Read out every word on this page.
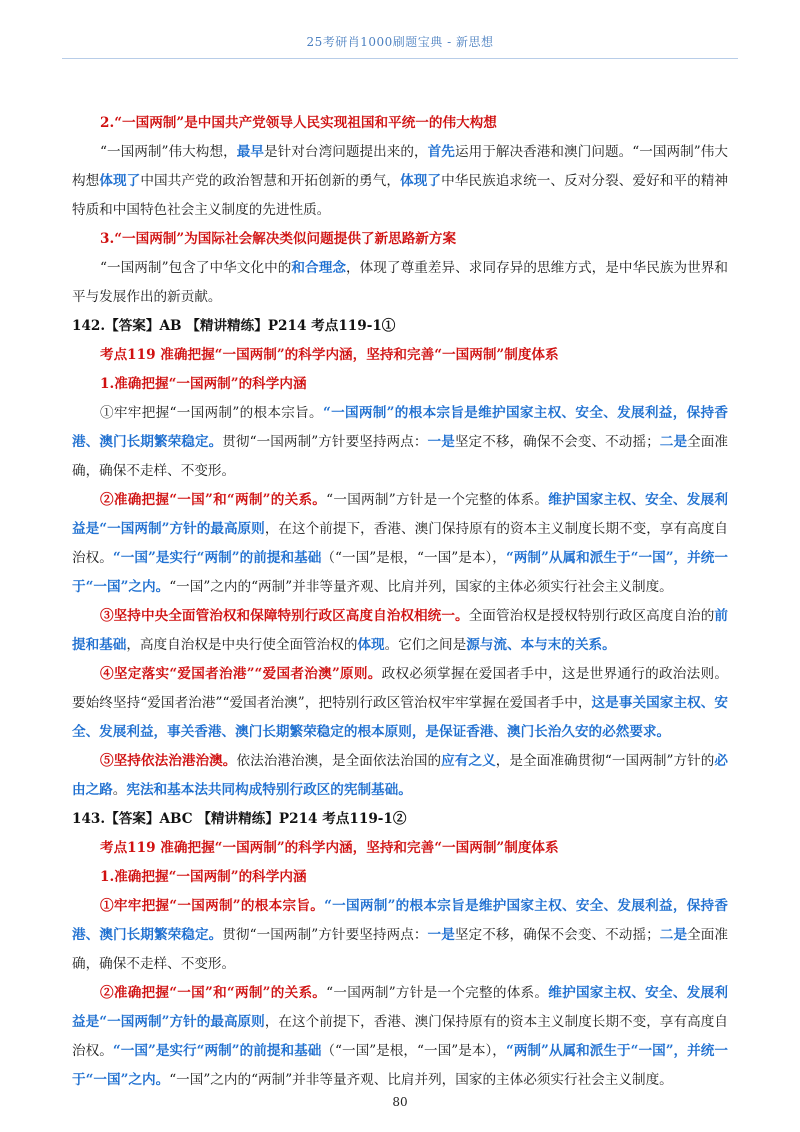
25考研肖1000刷题宝典 - 新思想

2.“一国两制”是中国共产党领导人民实现祖国和平统一的伟大构想

“一国两制”伟大构想，最早是针对台湾问题提出来的，首先运用于解决香港和澳门问题。“一国两制”伟大构想体现了中国共产党的政治智慧和开拓创新的勇气，体现了中华民族追求统一、反对分裂、爱好和平的精神特质和中国特色社会主义制度的先进性质。

3.“一国两制”为国际社会解决类似问题提供了新思路新方案

“一国两制”包含了中华文化中的和合理念，体现了尊重差异、求同存异的思维方式，是中华民族为世界和平与发展作出的新贡献。

142.【答案】AB 【精讲精练】P214 考点119-1①

考点119 准确把握“一国两制”的科学内涵，坚持和完善“一国两制”制度体系

1.准确把握“一国两制”的科学内涵

①牢牢把握“一国两制”的根本宗旨。“一国两制”的根本宗旨是维护国家主权、安全、发展利益，保持香港、澳门长期繁荣稳定。贯彻“一国两制”方针要坚持两点：一是坚定不移，确保不会变、不动摇；二是全面准确，确保不走样、不变形。

②准确把握“一国”和“两制”的关系。“一国两制”方针是一个完整的体系。维护国家主权、安全、发展利益是“一国两制”方针的最高原则，在这个前提下，香港、澳门保持原有的资本主义制度长期不变，享有高度自治权。“一国”是实行“两制”的前提和基础（“一国”是根，“一国”是本），“两制”从属和派生于“一国”，并统一于“一国”之内。“一国”之内的“两制”并非等量齐观、比肩并列，国家的主体必须实行社会主义制度。

③坚持中央全面管治权和保障特别行政区高度自治权相统一。全面管治权是授权特别行政区高度自治的前提和基础，高度自治权是中央行使全面管治权的体现。它们之间是源与流、本与末的关系。

④坚定落实“爱国者治港”“爱国者治澳”原则。政权必须掌握在爱国者手中，这是世界通行的政治法则。要始终坚持“爱国者治港”“爱国者治澳”，把特别行政区管治权牢牢掌握在爱国者手中，这是事关国家主权、安全、发展利益，事关香港、澳门长期繁荣稳定的根本原则，是保证香港、澳门长治久安的必然要求。

⑤坚持依法治港治澳。依法治港治澳，是全面依法治国的应有之义，是全面准确贯彻“一国两制”方针的必由之路。宪法和基本法共同构成特别行政区的宪制基础。

143.【答案】ABC 【精讲精练】P214 考点119-1②

考点119 准确把握“一国两制”的科学内涵，坚持和完善“一国两制”制度体系

1.准确把握“一国两制”的科学内涵

①牢牢把握“一国两制”的根本宗旨。“一国两制”的根本宗旨是维护国家主权、安全、发展利益，保持香港、澳门长期繁荣稳定。贯彻“一国两制”方针要坚持两点：一是坚定不移，确保不会变、不动摇；二是全面准确，确保不走样、不变形。

②准确把握“一国”和“两制”的关系。“一国两制”方针是一个完整的体系。维护国家主权、安全、发展利益是“一国两制”方针的最高原则，在这个前提下，香港、澳门保持原有的资本主义制度长期不变，享有高度自治权。“一国”是实行“两制”的前提和基础（“一国”是根，“一国”是本），“两制”从属和派生于“一国”，并统一于“一国”之内。“一国”之内的“两制”并非等量齐观、比肩并列，国家的主体必须实行社会主义制度。

80
